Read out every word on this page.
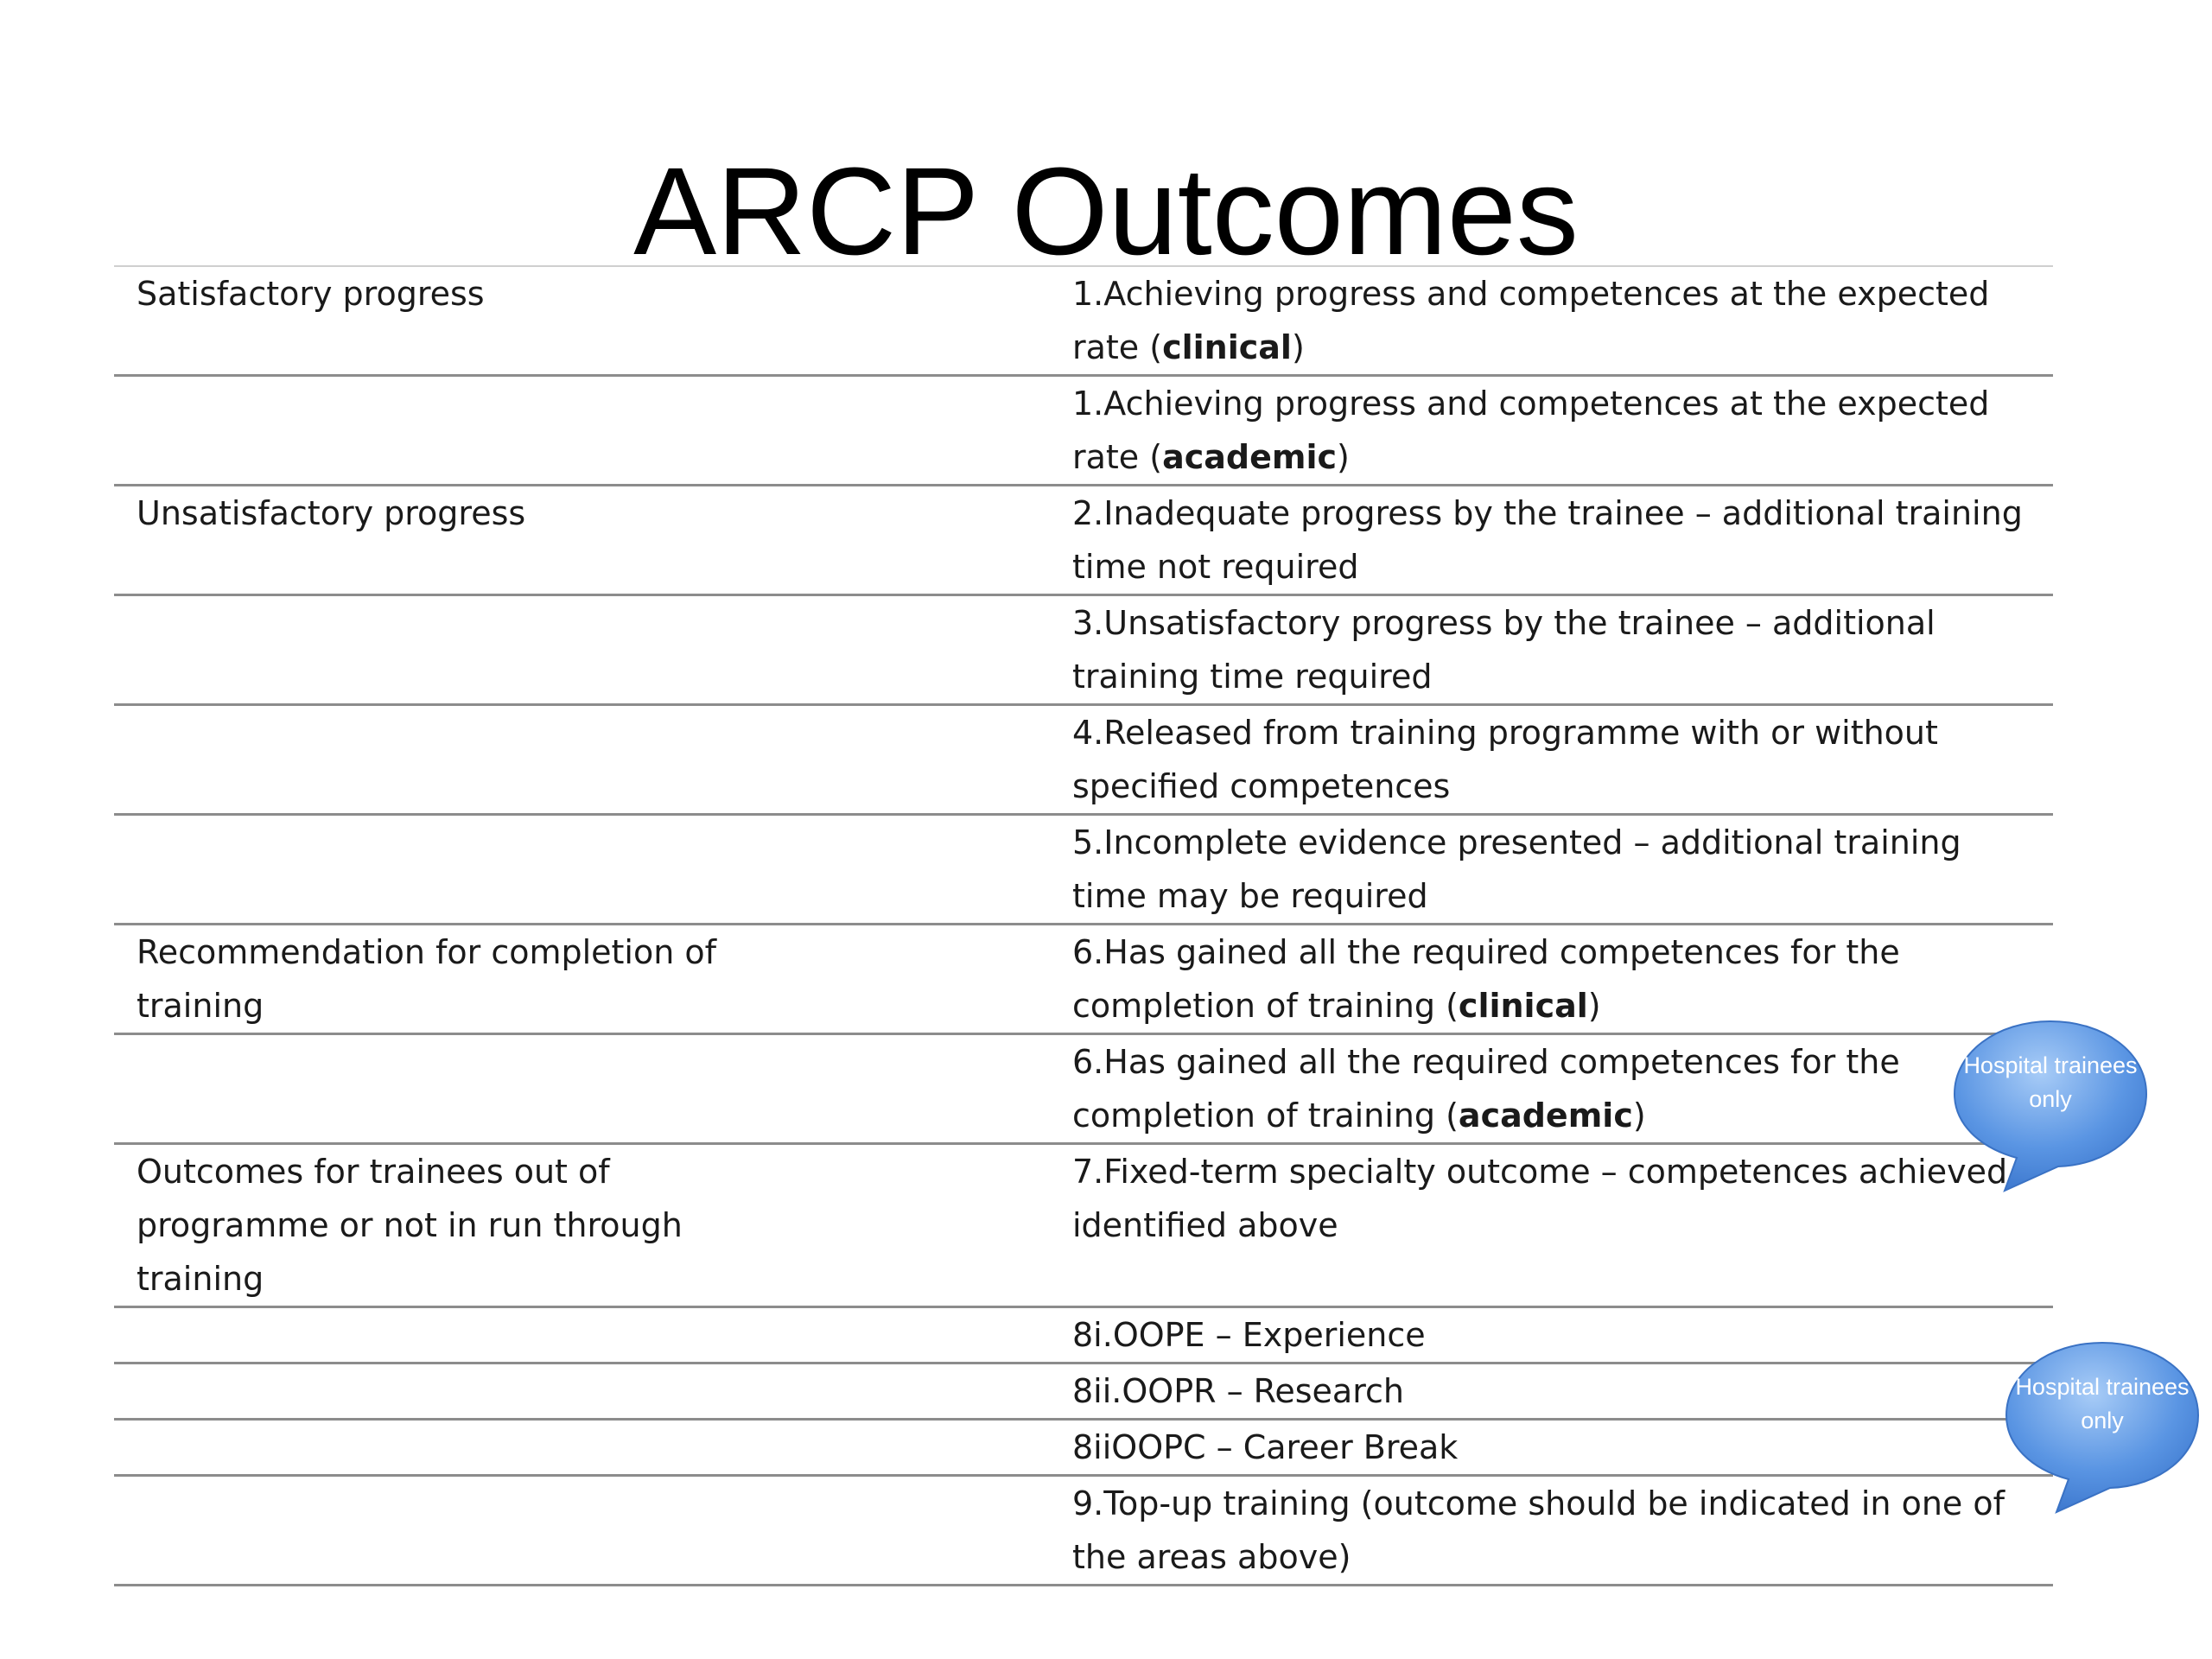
ARCP Outcomes
Satisfactory progress	1.Achieving progress and competences at the expected rate (clinical)

	1.Achieving progress and competences at the expected rate (academic)

Unsatisfactory progress	2.Inadequate progress by the trainee – additional training time not required

	3.Unsatisfactory progress by the trainee – additional training time required

	4.Released from training programme with or without specified competences

	5.Incomplete evidence presented – additional training time may be required

Recommendation for completion of training	6.Has gained all the required competences for the completion of training (clinical)

	6.Has gained all the required competences for the completion of training (academic)

Outcomes for trainees out of programme or not in run through training	7.Fixed-term specialty outcome – competences achieved identified above

	8i.OOPE – Experience

	8ii.OOPR – Research

	8iiOOPC – Career Break

	9.Top-up training (outcome should be indicated in one of the areas above)
Hospital trainees only
Hospital trainees only
